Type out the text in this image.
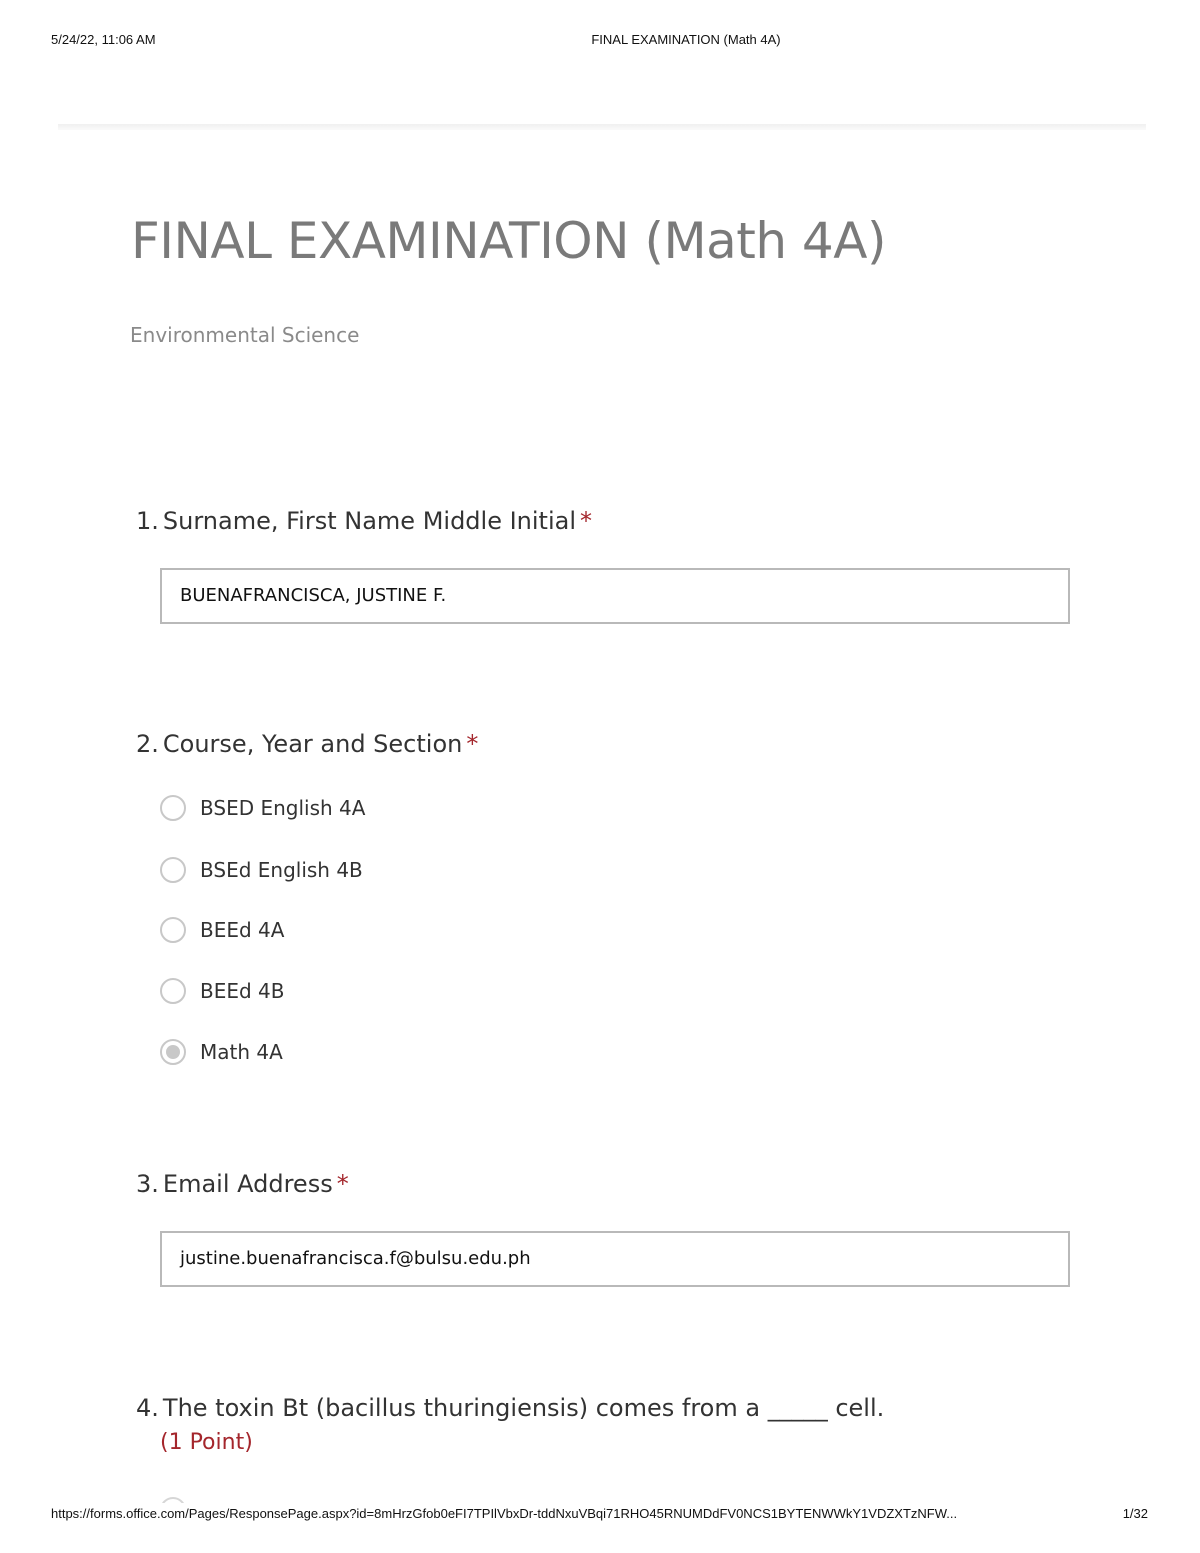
5/24/22, 11:06 AM	FINAL EXAMINATION (Math 4A)
FINAL EXAMINATION (Math 4A)

Environmental Science

1. Surname, First Name Middle Initial *

BUENAFRANCISCA, JUSTINE F.

2. Course, Year and Section *

BSED English 4A
BSEd English 4B
BEEd 4A
BEEd 4B
Math 4A

3. Email Address *

justine.buenafrancisca.f@bulsu.edu.ph

4. The toxin Bt (bacillus thuringiensis) comes from a _____ cell.

(1 Point)

https://forms.office.com/Pages/ResponsePage.aspx?id=8mHrzGfob0eFI7TPIlVbxDr-tddNxuVBqi71RHO45RNUMDdFV0NCS1BYTENWWkY1VDZXTzNFW...	1/32
